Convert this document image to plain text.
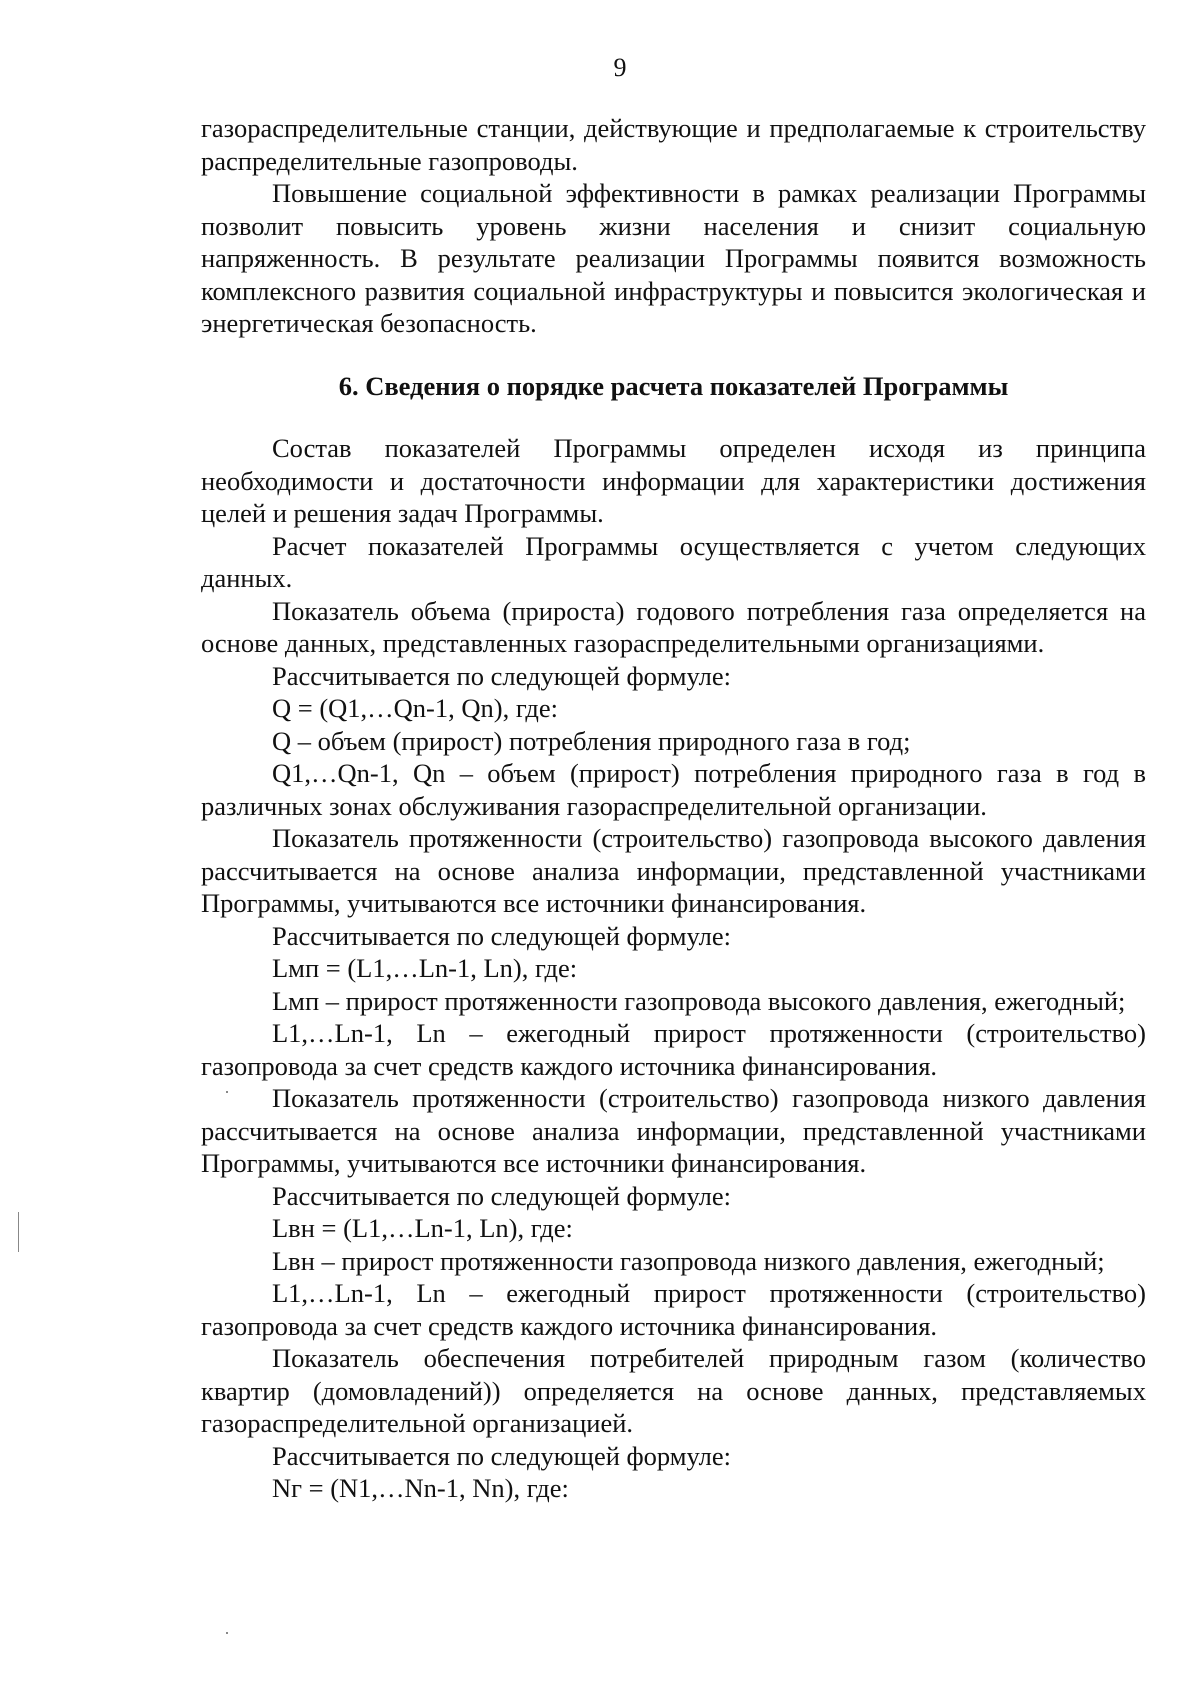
9

газораспределительные станции, действующие и предполагаемые к строительству распределительные газопроводы.

Повышение социальной эффективности в рамках реализации Программы позволит повысить уровень жизни населения и снизит социальную напряженность. В результате реализации Программы появится возможность комплексного развития социальной инфраструктуры и повысится экологическая и энергетическая безопасность.

6. Сведения о порядке расчета показателей Программы

Состав показателей Программы определен исходя из принципа необходимости и достаточности информации для характеристики достижения целей и решения задач Программы.

Расчет показателей Программы осуществляется с учетом следующих данных.

Показатель объема (прироста) годового потребления газа определяется на основе данных, представленных газораспределительными организациями.

Рассчитывается по следующей формуле:

Q = (Q1,…Qn-1, Qn), где:

Q – объем (прирост) потребления природного газа в год;

Q1,…Qn-1, Qn – объем (прирост) потребления природного газа в год в различных зонах обслуживания газораспределительной организации.

Показатель протяженности (строительство) газопровода высокого давления рассчитывается на основе анализа информации, представленной участниками Программы, учитываются все источники финансирования.

Рассчитывается по следующей формуле:

Lмп = (L1,…Ln-1, Ln), где:

Lмп – прирост протяженности газопровода высокого давления, ежегодный;

L1,…Ln-1, Ln – ежегодный прирост протяженности (строительство) газопровода за счет средств каждого источника финансирования.

Показатель протяженности (строительство) газопровода низкого давления рассчитывается на основе анализа информации, представленной участниками Программы, учитываются все источники финансирования.

Рассчитывается по следующей формуле:

Lвн = (L1,…Ln-1, Ln), где:

Lвн – прирост протяженности газопровода низкого давления, ежегодный;

L1,…Ln-1, Ln – ежегодный прирост протяженности (строительство) газопровода за счет средств каждого источника финансирования.

Показатель обеспечения потребителей природным газом (количество квартир (домовладений)) определяется на основе данных, представляемых газораспределительной организацией.

Рассчитывается по следующей формуле:

Nг = (N1,…Nn-1, Nn), где:
